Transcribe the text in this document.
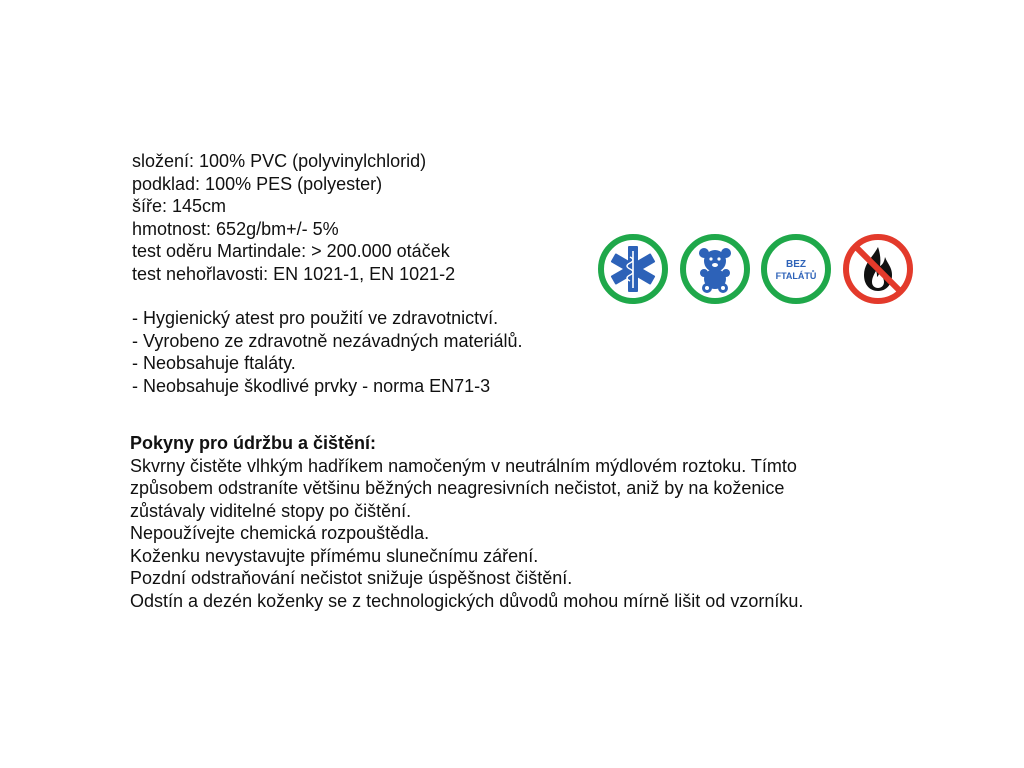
složení: 100% PVC (polyvinylchlorid)
podklad: 100% PES (polyester)
šíře: 145cm
hmotnost: 652g/bm+/- 5%
test oděru Martindale: > 200.000 otáček
test nehořlavosti: EN 1021-1, EN 1021-2
- Hygienický atest pro použití ve zdravotnictví.
- Vyrobeno ze zdravotně nezávadných materiálů.
- Neobsahuje ftaláty.
- Neobsahuje škodlivé prvky - norma EN71-3
Pokyny pro údržbu a čištění:
Skvrny čistěte vlhkým hadříkem namočeným v neutrálním mýdlovém roztoku. Tímto
způsobem odstraníte většinu běžných neagresivních nečistot, aniž by na koženice
zůstávaly viditelné stopy po čištění.
Nepoužívejte chemická rozpouštědla.
Koženku nevystavujte přímému slunečnímu záření.
Pozdní odstraňování nečistot snižuje úspěšnost čištění.
Odstín a dezén koženky se z technologických důvodů mohou mírně lišit od vzorníku.
BEZ
FTALÁTŮ
